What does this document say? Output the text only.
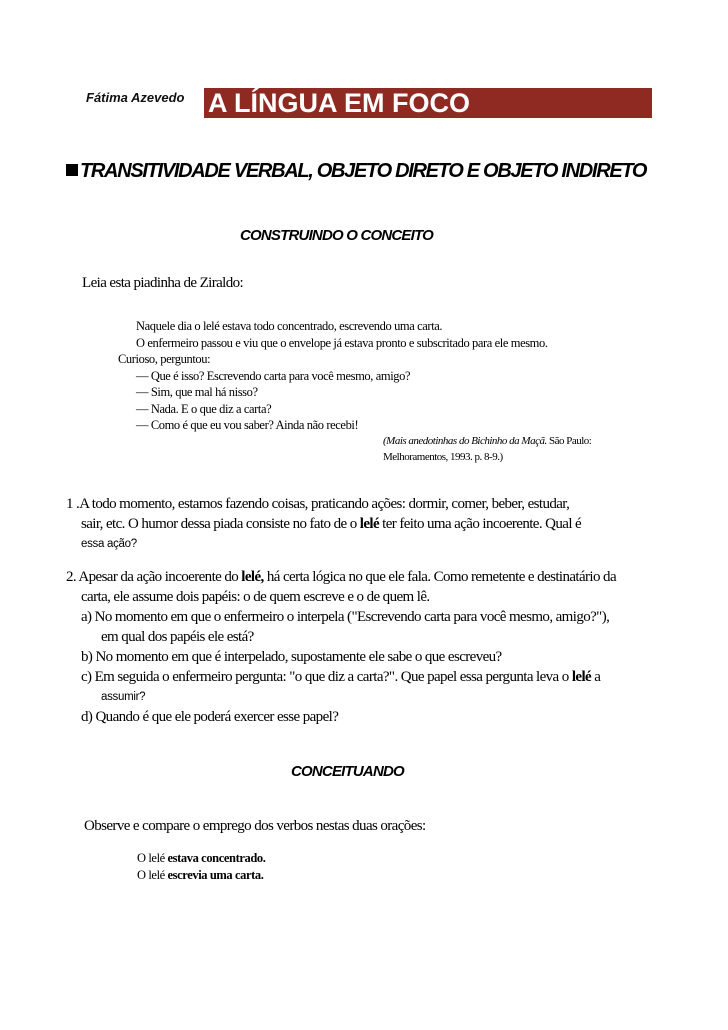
Fátima Azevedo A LÍNGUA EM FOCO
TRANSITIVIDADE VERBAL, OBJETO DIRETO E OBJETO INDIRETO
CONSTRUINDO O CONCEITO
Leia esta piadinha de Ziraldo:
Naquele dia o lelé estava todo concentrado, escrevendo uma carta.
O enfermeiro passou e viu que o envelope já estava pronto e subscritado para ele mesmo.
Curioso, perguntou:
— Que é isso? Escrevendo carta para você mesmo, amigo?
— Sim, que mal há nisso?
— Nada. E o que diz a carta?
— Como é que eu vou saber? Ainda não recebi!
(Mais anedotinhas do Bichinho da Maçã. São Paulo:
Melhoramentos, 1993. p. 8-9.)
1 .A todo momento, estamos fazendo coisas, praticando ações: dormir, comer, beber, estudar,
sair, etc. O humor dessa piada consiste no fato de o lelé ter feito uma ação incoerente. Qual é
essa ação?
2. Apesar da ação incoerente do lelé, há certa lógica no que ele fala. Como remetente e destinatário da
carta, ele assume dois papéis: o de quem escreve e o de quem lê.
a) No momento em que o enfermeiro o interpela ("Escrevendo carta para você mesmo, amigo?"),
em qual dos papéis ele está?
b) No momento em que é interpelado, supostamente ele sabe o que escreveu?
c) Em seguida o enfermeiro pergunta: "o que diz a carta?". Que papel essa pergunta leva o lelé a
assumir?
d) Quando é que ele poderá exercer esse papel?
CONCEITUANDO
Observe e compare o emprego dos verbos nestas duas orações:
O lelé estava concentrado.
O lelé escrevia uma carta.
